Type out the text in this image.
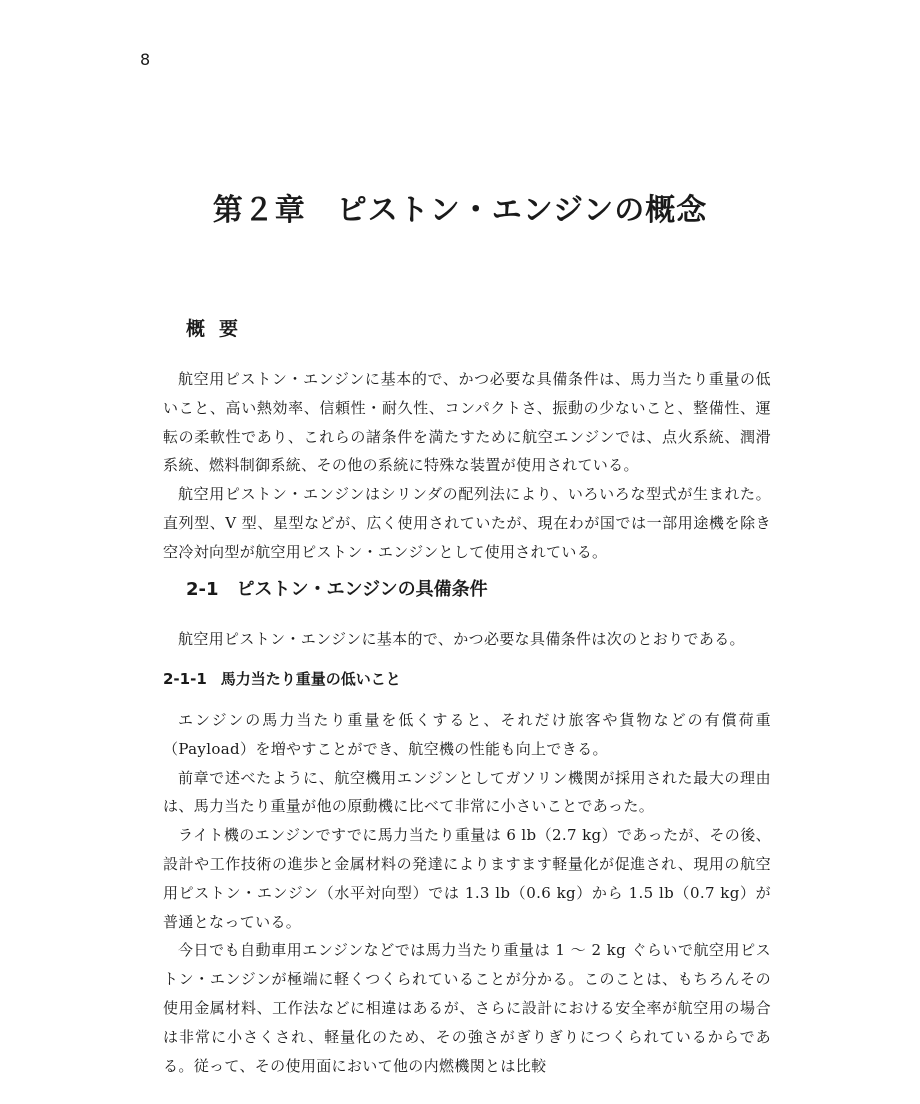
8
第２章　ピストン・エンジンの概念
概要

航空用ピストン・エンジンに基本的で、かつ必要な具備条件は、馬力当たり重量の低いこと、高い熱効率、信頼性・耐久性、コンパクトさ、振動の少ないこと、整備性、運転の柔軟性であり、これらの諸条件を満たすために航空エンジンでは、点火系統、潤滑系統、燃料制御系統、その他の系統に特殊な装置が使用されている。

航空用ピストン・エンジンはシリンダの配列法により、いろいろな型式が生まれた。直列型、V 型、星型などが、広く使用されていたが、現在わが国では一部用途機を除き空冷対向型が航空用ピストン・エンジンとして使用されている。

2-1 ピストン・エンジンの具備条件

航空用ピストン・エンジンに基本的で、かつ必要な具備条件は次のとおりである。

2-1-1 馬力当たり重量の低いこと

エンジンの馬力当たり重量を低くすると、それだけ旅客や貨物などの有償荷重（Payload）を増やすことができ、航空機の性能も向上できる。

前章で述べたように、航空機用エンジンとしてガソリン機関が採用された最大の理由は、馬力当たり重量が他の原動機に比べて非常に小さいことであった。

ライト機のエンジンですでに馬力当たり重量は 6 lb（2.7 kg）であったが、その後、設計や工作技術の進歩と金属材料の発達によりますます軽量化が促進され、現用の航空用ピストン・エンジン（水平対向型）では 1.3 lb（0.6 kg）から 1.5 lb（0.7 kg）が普通となっている。

今日でも自動車用エンジンなどでは馬力当たり重量は 1 ～ 2 kg ぐらいで航空用ピストン・エンジンが極端に軽くつくられていることが分かる。このことは、もちろんその使用金属材料、工作法などに相違はあるが、さらに設計における安全率が航空用の場合は非常に小さくされ、軽量化のため、その強さがぎりぎりにつくられているからである。従って、その使用面において他の内燃機関とは比較
